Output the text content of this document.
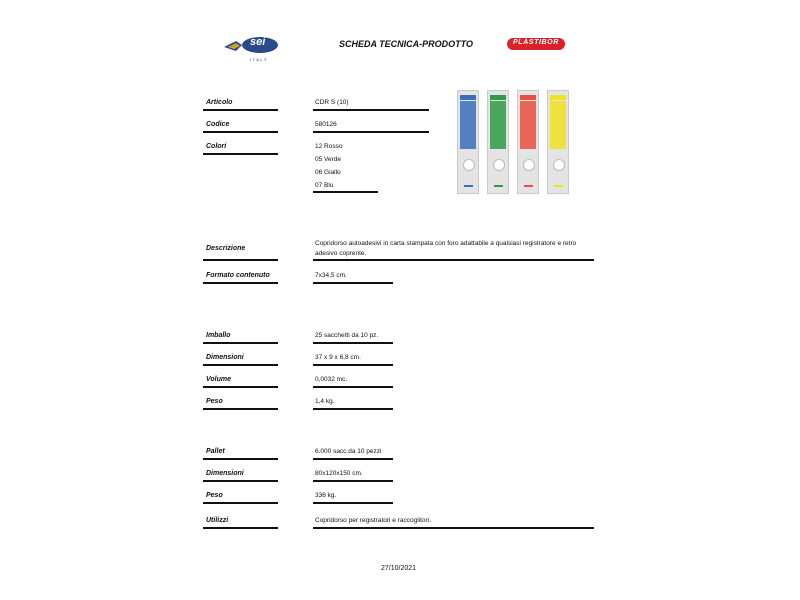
sei
ITALY
SCHEDA TECNICA-PRODOTTO	PLASTIBOR
Articolo	CDR S (10)
Codice	580126
Colori	12 Rosso
05 Verde
06 Giallo
07 Blu
Descrizione
Copridorso autoadesivi in carta stampata con foro adattabile a qualsiasi registratore e retro
adesivo coprente.
Formato contenuto	7x34,5 cm.
Imballo	25 sacchetti da 10 pz.
Dimensioni	37 x 9 x 6,8 cm.
Volume	0,0032 mc.
Peso	1,4 kg.
Pallet	6.000 sacc.da 10 pezzi
Dimensioni	80x120x150 cm.
Peso	336 kg.
Utilizzi	Copridorso per registratori e raccoglitori.
27/10/2021
